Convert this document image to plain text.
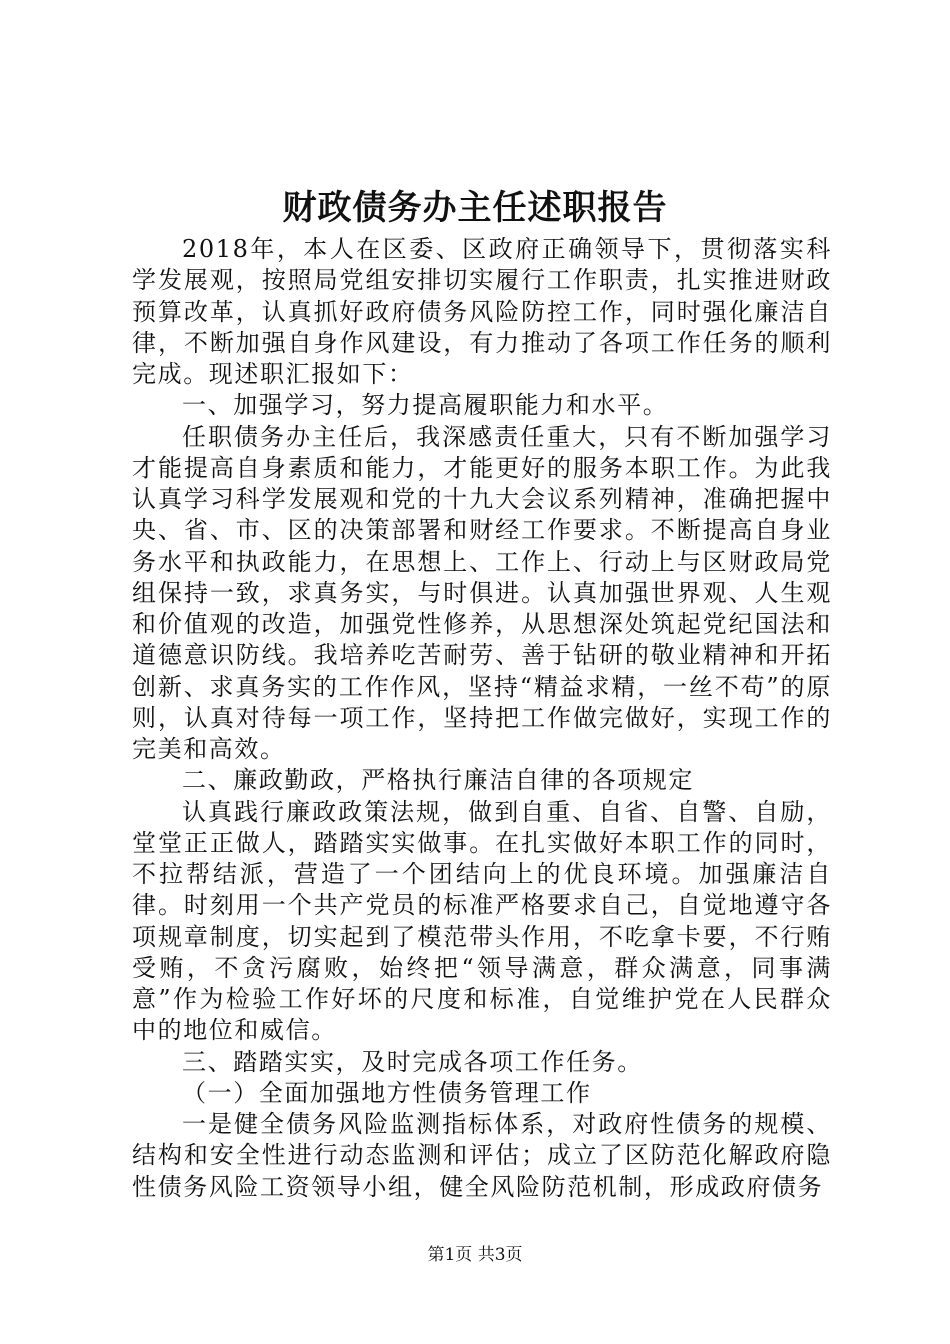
财政债务办主任述职报告

2018年，本人在区委、区政府正确领导下，贯彻落实科学发展观，按照局党组安排切实履行工作职责，扎实推进财政预算改革，认真抓好政府债务风险防控工作，同时强化廉洁自律，不断加强自身作风建设，有力推动了各项工作任务的顺利完成。现述职汇报如下：

一、加强学习，努力提高履职能力和水平。

任职债务办主任后，我深感责任重大，只有不断加强学习才能提高自身素质和能力，才能更好的服务本职工作。为此我认真学习科学发展观和党的十九大会议系列精神，准确把握中央、省、市、区的决策部署和财经工作要求。不断提高自身业务水平和执政能力，在思想上、工作上、行动上与区财政局党组保持一致，求真务实，与时俱进。认真加强世界观、人生观和价值观的改造，加强党性修养，从思想深处筑起党纪国法和道德意识防线。我培养吃苦耐劳、善于钻研的敬业精神和开拓创新、求真务实的工作作风，坚持“精益求精，一丝不苟”的原则，认真对待每一项工作，坚持把工作做完做好，实现工作的完美和高效。

二、廉政勤政，严格执行廉洁自律的各项规定

认真践行廉政政策法规，做到自重、自省、自警、自励，堂堂正正做人，踏踏实实做事。在扎实做好本职工作的同时，不拉帮结派，营造了一个团结向上的优良环境。加强廉洁自律。时刻用一个共产党员的标准严格要求自己，自觉地遵守各项规章制度，切实起到了模范带头作用，不吃拿卡要，不行贿受贿，不贪污腐败，始终把“领导满意，群众满意，同事满意”作为检验工作好坏的尺度和标准，自觉维护党在人民群众中的地位和威信。

三、踏踏实实，及时完成各项工作任务。

（一）全面加强地方性债务管理工作

一是健全债务风险监测指标体系，对政府性债务的规模、结构和安全性进行动态监测和评估；成立了区防范化解政府隐性债务风险工资领导小组，健全风险防范机制，形成政府债务

第1页 共3页
